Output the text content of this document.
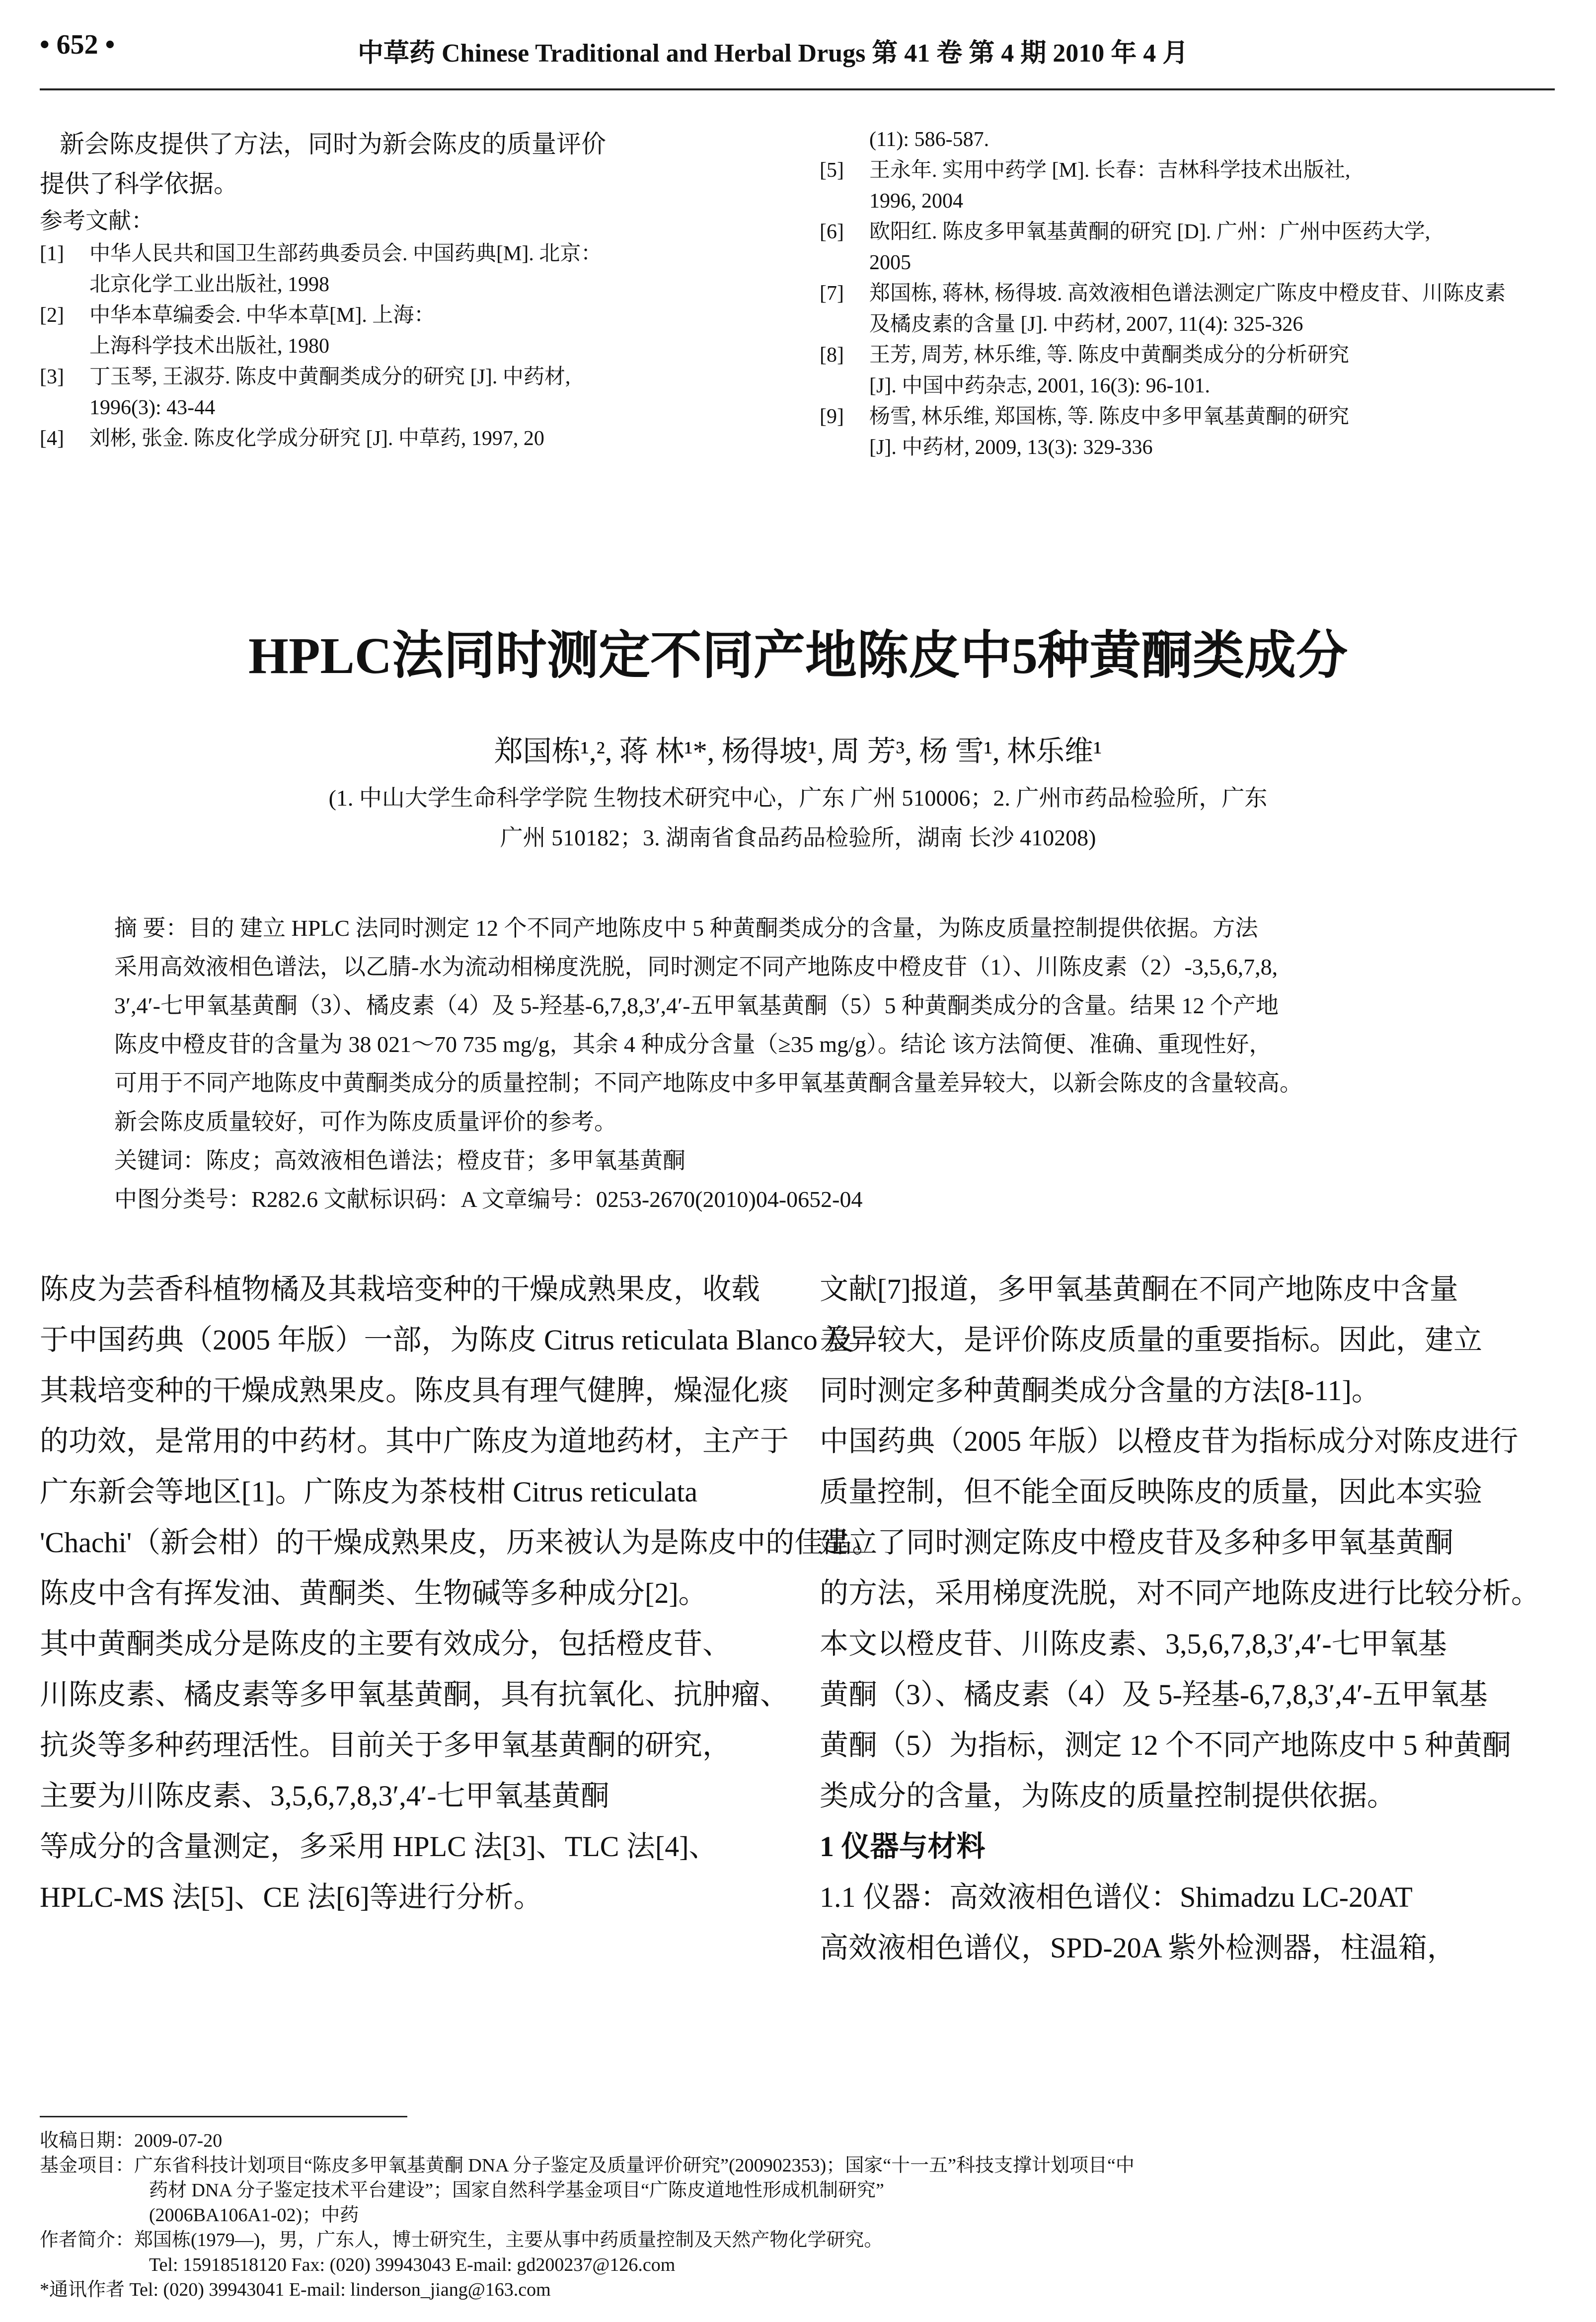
• 652 •	中草药 Chinese Traditional and Herbal Drugs 第 41 卷 第 4 期 2010 年 4 月
新会陈皮提供了方法，同时为新会陈皮的质量评价
提供了科学依据。
参考文献：
[1]	中华人民共和国卫生部药典委员会. 中国药典[M]. 北京：
北京化学工业出版社, 1998
[2]	中华本草编委会. 中华本草[M]. 上海：
上海科学技术出版社, 1980
[3]	丁玉琴, 王淑芬. 陈皮中黄酮类成分的研究 [J]. 中药材,
1996(3): 43-44
[4]	刘彬, 张金. 陈皮化学成分研究 [J]. 中草药, 1997, 20
(11): 586-587.
[5]	王永年. 实用中药学 [M]. 长春：吉林科学技术出版社,
1996, 2004
[6]	欧阳红. 陈皮多甲氧基黄酮的研究 [D]. 广州：广州中医药大学,
2005
[7]	郑国栋, 蒋林, 杨得坡. 高效液相色谱法测定广陈皮中橙皮苷、川陈皮素
及橘皮素的含量 [J]. 中药材, 2007, 11(4): 325-326
[8]	王芳, 周芳, 林乐维, 等. 陈皮中黄酮类成分的分析研究
[J]. 中国中药杂志, 2001, 16(3): 96-101.
[9]	杨雪, 林乐维, 郑国栋, 等. 陈皮中多甲氧基黄酮的研究
[J]. 中药材, 2009, 13(3): 329-336
HPLC法同时测定不同产地陈皮中5种黄酮类成分
郑国栋¹,², 蒋 林¹*, 杨得坡¹, 周 芳³, 杨 雪¹, 林乐维¹
(1. 中山大学生命科学学院 生物技术研究中心，广东 广州 510006；2. 广州市药品检验所，广东
广州 510182；3. 湖南省食品药品检验所，湖南 长沙 410208)
摘 要：目的 建立 HPLC 法同时测定 12 个不同产地陈皮中 5 种黄酮类成分的含量，为陈皮质量控制提供依据。方法
采用高效液相色谱法，以乙腈-水为流动相梯度洗脱，同时测定不同产地陈皮中橙皮苷（1）、川陈皮素（2）-3,5,6,7,8,
3′,4′-七甲氧基黄酮（3）、橘皮素（4）及 5-羟基-6,7,8,3′,4′-五甲氧基黄酮（5）5 种黄酮类成分的含量。结果 12 个产地
陈皮中橙皮苷的含量为 38 021～70 735 mg/g，其余 4 种成分含量（≥35 mg/g）。结论 该方法简便、准确、重现性好，
可用于不同产地陈皮中黄酮类成分的质量控制；不同产地陈皮中多甲氧基黄酮含量差异较大，以新会陈皮的含量较高。
新会陈皮质量较好，可作为陈皮质量评价的参考。
关键词：陈皮；高效液相色谱法；橙皮苷；多甲氧基黄酮
中图分类号：R282.6 文献标识码：A 文章编号：0253-2670(2010)04-0652-04
陈皮为芸香科植物橘及其栽培变种的干燥成熟果皮，收载
于中国药典（2005 年版）一部，为陈皮 Citrus reticulata Blanco 及
其栽培变种的干燥成熟果皮。陈皮具有理气健脾，燥湿化痰
的功效，是常用的中药材。其中广陈皮为道地药材，主产于
广东新会等地区[1]。广陈皮为茶枝柑 Citrus reticulata
'Chachi'（新会柑）的干燥成熟果皮，历来被认为是陈皮中的佳品。
陈皮中含有挥发油、黄酮类、生物碱等多种成分[2]。
其中黄酮类成分是陈皮的主要有效成分，包括橙皮苷、
川陈皮素、橘皮素等多甲氧基黄酮，具有抗氧化、抗肿瘤、
抗炎等多种药理活性。目前关于多甲氧基黄酮的研究，
主要为川陈皮素、3,5,6,7,8,3′,4′-七甲氧基黄酮
等成分的含量测定，多采用 HPLC 法[3]、TLC 法[4]、
HPLC-MS 法[5]、CE 法[6]等进行分析。
文献[7]报道，多甲氧基黄酮在不同产地陈皮中含量
差异较大，是评价陈皮质量的重要指标。因此，建立
同时测定多种黄酮类成分含量的方法[8-11]。
中国药典（2005 年版）以橙皮苷为指标成分对陈皮进行
质量控制，但不能全面反映陈皮的质量，因此本实验
建立了同时测定陈皮中橙皮苷及多种多甲氧基黄酮
的方法，采用梯度洗脱，对不同产地陈皮进行比较分析。
本文以橙皮苷、川陈皮素、3,5,6,7,8,3′,4′-七甲氧基
黄酮（3）、橘皮素（4）及 5-羟基-6,7,8,3′,4′-五甲氧基
黄酮（5）为指标，测定 12 个不同产地陈皮中 5 种黄酮
类成分的含量，为陈皮的质量控制提供依据。
1 仪器与材料
1.1 仪器：高效液相色谱仪：Shimadzu LC-20AT
高效液相色谱仪，SPD-20A 紫外检测器，柱温箱，
收稿日期：2009-07-20
基金项目：广东省科技计划项目“陈皮多甲氧基黄酮 DNA 分子鉴定及质量评价研究”(200902353)；国家“十一五”科技支撑计划项目“中
药材 DNA 分子鉴定技术平台建设”；国家自然科学基金项目“广陈皮道地性形成机制研究”
(2006BA106A1-02)；中药
作者简介：郑国栋(1979—)，男，广东人，博士研究生，主要从事中药质量控制及天然产物化学研究。
Tel: 15918518120 Fax: (020) 39943043 E-mail: gd200237@126.com
*通讯作者 Tel: (020) 39943041 E-mail: linderson_jiang@163.com
